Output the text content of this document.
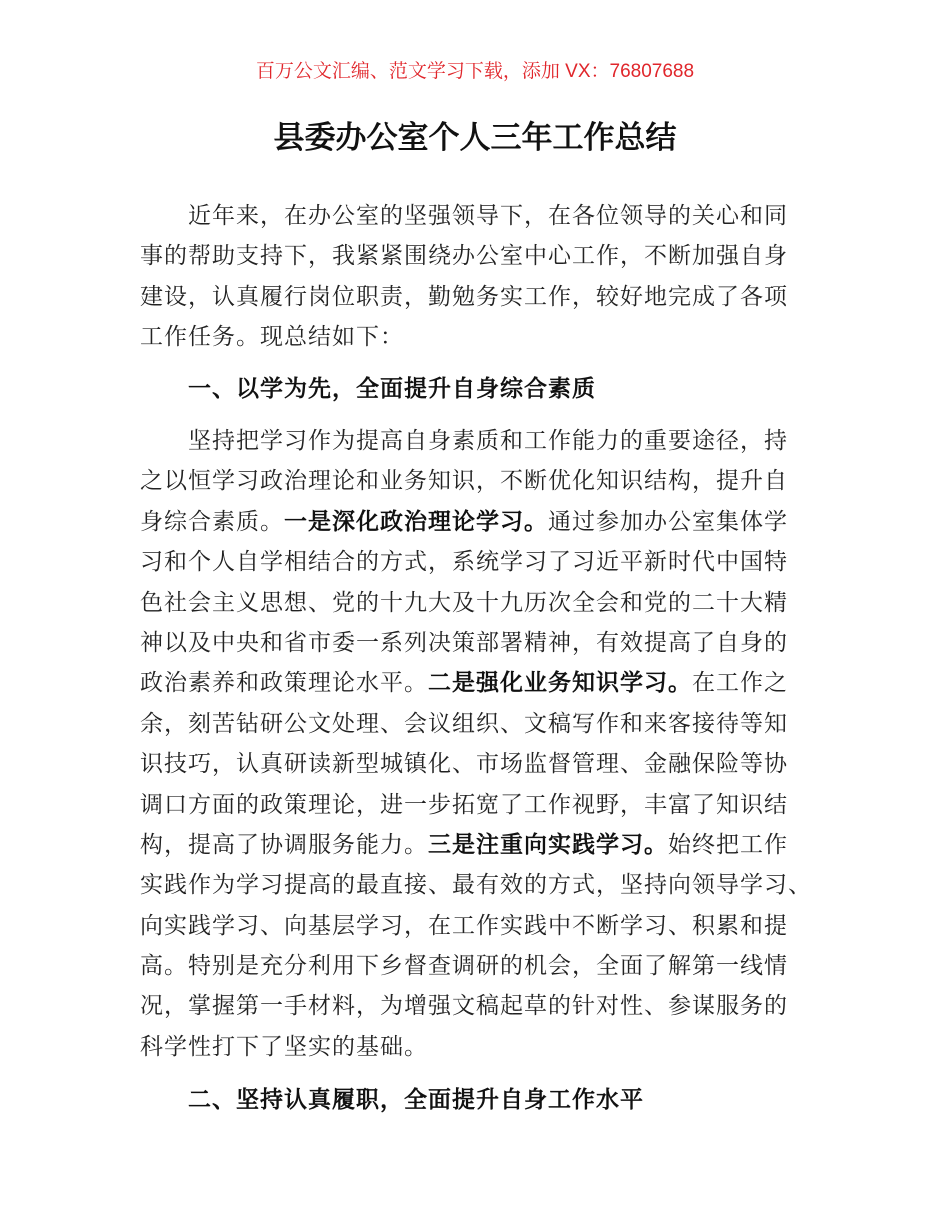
百万公文汇编、范文学习下载，添加 VX：76807688
县委办公室个人三年工作总结
近年来，在办公室的坚强领导下，在各位领导的关心和同
事的帮助支持下，我紧紧围绕办公室中心工作，不断加强自身
建设，认真履行岗位职责，勤勉务实工作，较好地完成了各项
工作任务。现总结如下：
一、以学为先，全面提升自身综合素质
坚持把学习作为提高自身素质和工作能力的重要途径，持
之以恒学习政治理论和业务知识，不断优化知识结构，提升自
身综合素质。一是深化政治理论学习。通过参加办公室集体学
习和个人自学相结合的方式，系统学习了习近平新时代中国特
色社会主义思想、党的十九大及十九历次全会和党的二十大精
神以及中央和省市委一系列决策部署精神，有效提高了自身的
政治素养和政策理论水平。二是强化业务知识学习。在工作之
余，刻苦钻研公文处理、会议组织、文稿写作和来客接待等知
识技巧，认真研读新型城镇化、市场监督管理、金融保险等协
调口方面的政策理论，进一步拓宽了工作视野，丰富了知识结
构，提高了协调服务能力。三是注重向实践学习。始终把工作
实践作为学习提高的最直接、最有效的方式，坚持向领导学习、
向实践学习、向基层学习，在工作实践中不断学习、积累和提
高。特别是充分利用下乡督查调研的机会，全面了解第一线情
况，掌握第一手材料，为增强文稿起草的针对性、参谋服务的
科学性打下了坚实的基础。
二、坚持认真履职，全面提升自身工作水平
